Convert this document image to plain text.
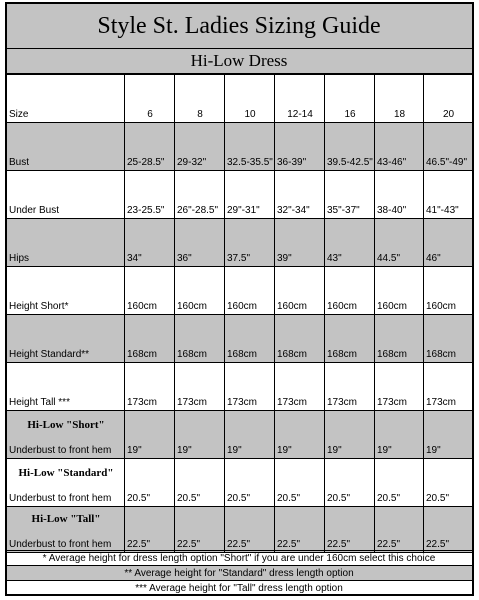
Style St. Ladies Sizing Guide
Hi-Low Dress
Size	6	8	10	12-14	16	18	20
Bust	25-28.5"	29-32"	32.5-35.5"	36-39"	39.5-42.5"	43-46"	46.5"-49"
Under Bust	23-25.5"	26"-28.5"	29"-31"	32"-34"	35"-37"	38-40"	41"-43"
Hips	34"	36"	37.5"	39"	43"	44.5"	46"
Height Short*	160cm	160cm	160cm	160cm	160cm	160cm	160cm
Height Standard**	168cm	168cm	168cm	168cm	168cm	168cm	168cm
Height Tall ***	173cm	173cm	173cm	173cm	173cm	173cm	173cm

Hi-Low "Short"
Underbust to front hem	19"	19"	19"	19"	19"	19"	19"

Hi-Low "Standard"
Underbust to front hem	20.5"	20.5"	20.5"	20.5"	20.5"	20.5"	20.5"

Hi-Low "Tall"
Underbust to front hem	22.5"	22.5"	22.5"	22.5"	22.5"	22.5"	22.5"
* Average height for dress length option "Short" if you are under 160cm select this choice
** Average height for "Standard" dress length option
*** Average height for "Tall" dress length option
